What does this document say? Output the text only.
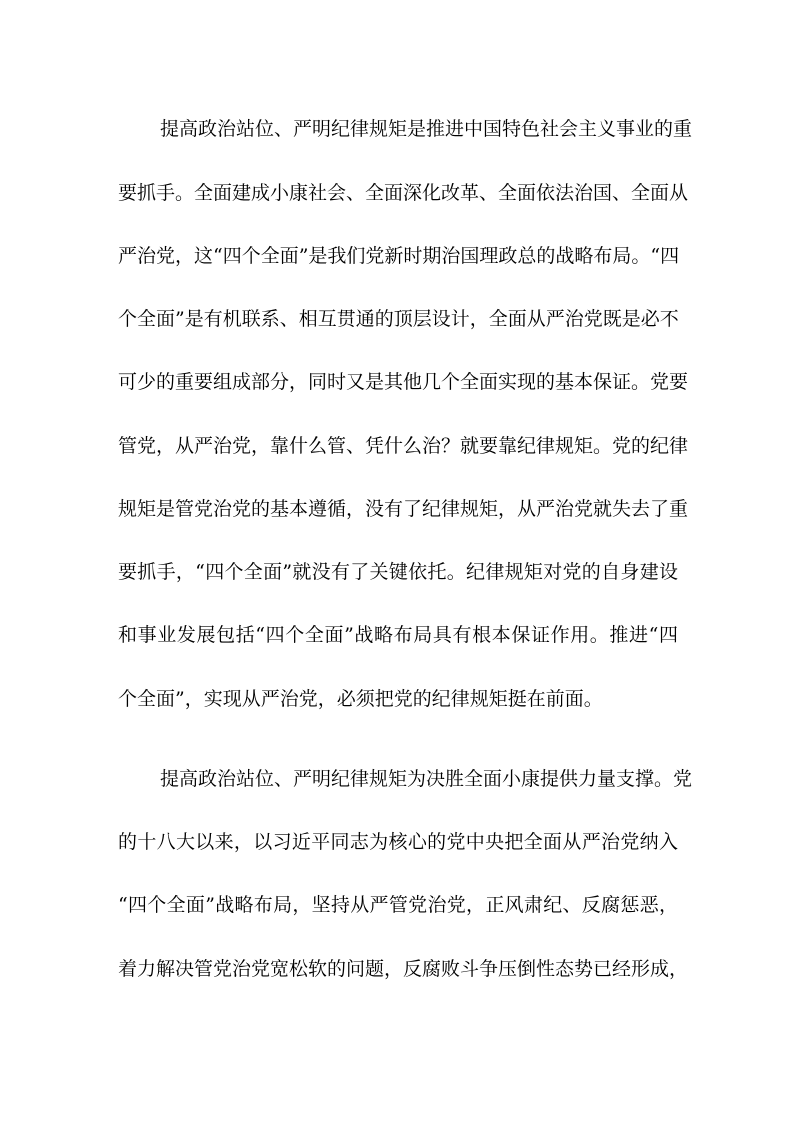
提高政治站位、严明纪律规矩是推进中国特色社会主义事业的重
要抓手。全面建成小康社会、全面深化改革、全面依法治国、全面从
严治党，这“四个全面”是我们党新时期治国理政总的战略布局。“四
个全面”是有机联系、相互贯通的顶层设计，全面从严治党既是必不
可少的重要组成部分，同时又是其他几个全面实现的基本保证。党要
管党，从严治党，靠什么管、凭什么治？就要靠纪律规矩。党的纪律
规矩是管党治党的基本遵循，没有了纪律规矩，从严治党就失去了重
要抓手，“四个全面”就没有了关键依托。纪律规矩对党的自身建设
和事业发展包括“四个全面”战略布局具有根本保证作用。推进“四
个全面”，实现从严治党，必须把党的纪律规矩挺在前面。
提高政治站位、严明纪律规矩为决胜全面小康提供力量支撑。党
的十八大以来，以习近平同志为核心的党中央把全面从严治党纳入
“四个全面”战略布局，坚持从严管党治党，正风肃纪、反腐惩恶，
着力解决管党治党宽松软的问题，反腐败斗争压倒性态势已经形成，
